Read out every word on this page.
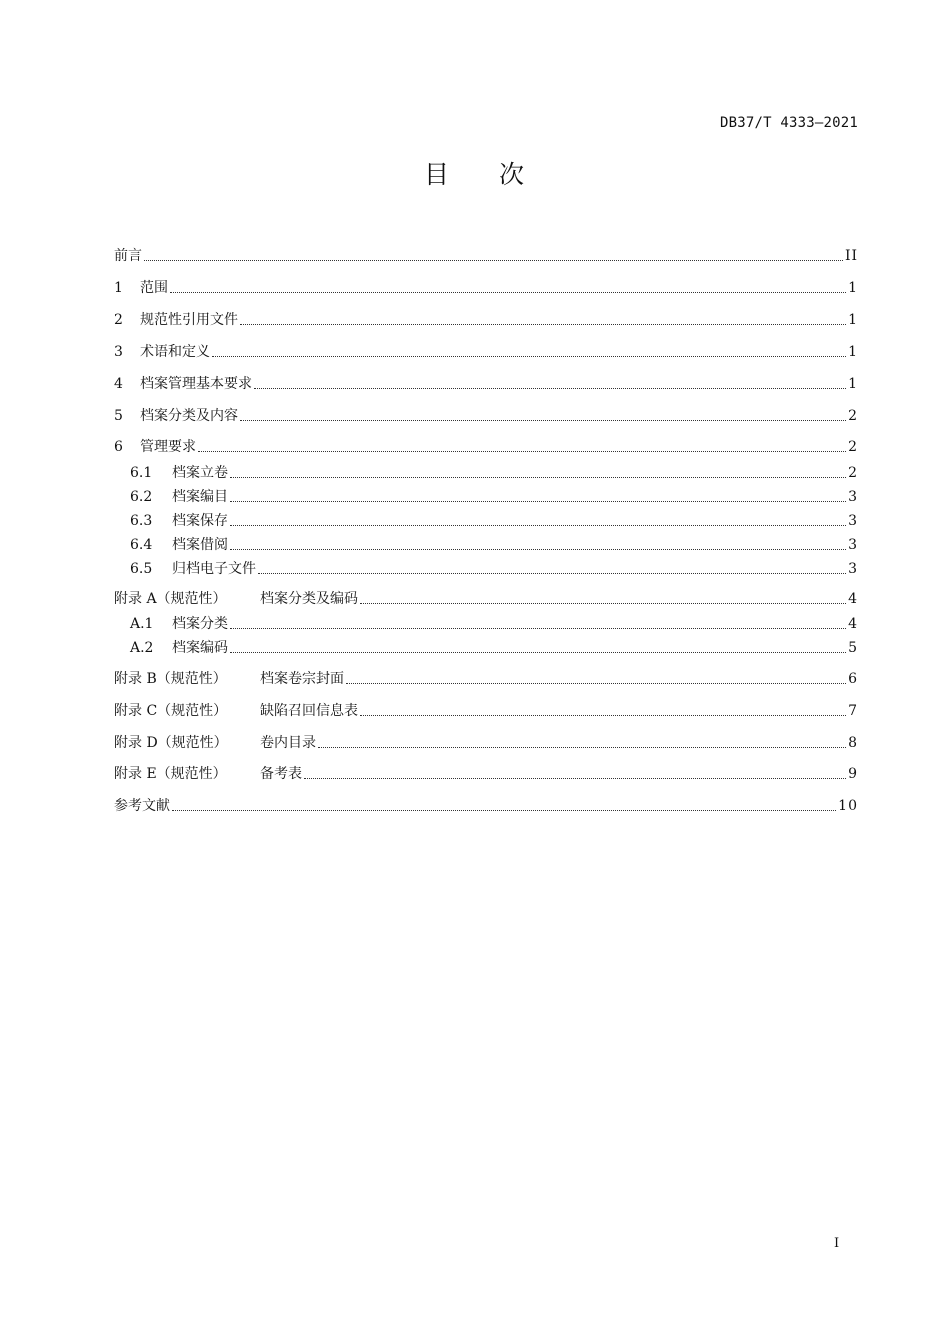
DB37/T 4333—2021
目 次
前言	II
1	范围	1
2	规范性引用文件	1
3	术语和定义	1
4	档案管理基本要求	1
5	档案分类及内容	2
6	管理要求	2
6.1	档案立卷	2
6.2	档案编目	3
6.3	档案保存	3
6.4	档案借阅	3
6.5	归档电子文件	3
附录 A（规范性）	档案分类及编码	4
A.1	档案分类	4
A.2	档案编码	5
附录 B（规范性）	档案卷宗封面	6
附录 C（规范性）	缺陷召回信息表	7
附录 D（规范性）	卷内目录	8
附录 E（规范性）	备考表	9
参考文献	10
I
